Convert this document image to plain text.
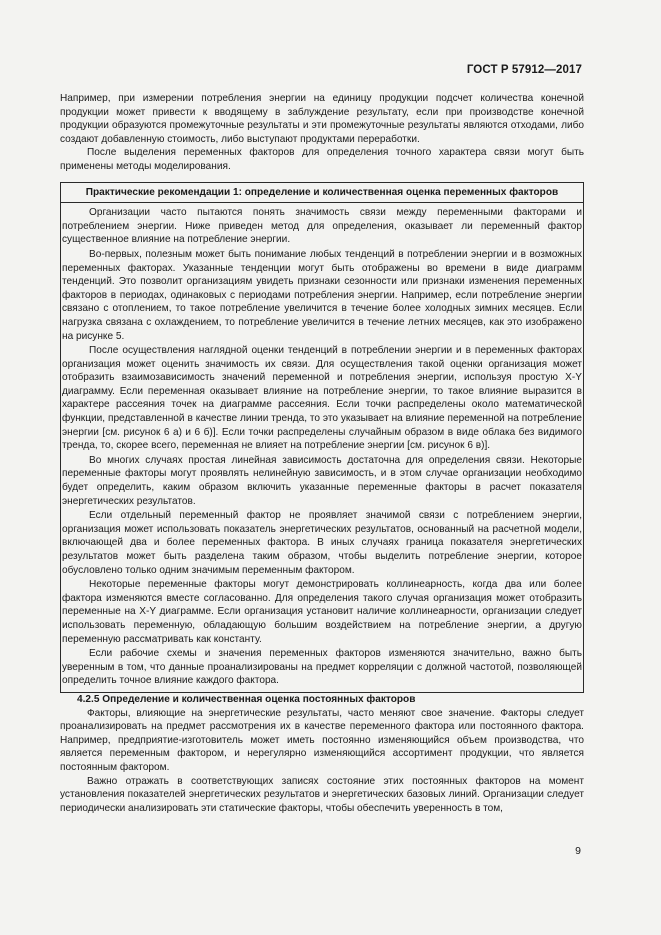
ГОСТ Р 57912—2017

Например, при измерении потребления энергии на единицу продукции подсчет количества конечной продукции может привести к вводящему в заблуждение результату, если при производстве конечной продукции образуются промежуточные результаты и эти промежуточные результаты являются отходами, либо создают добавленную стоимость, либо выступают продуктами переработки.

После выделения переменных факторов для определения точного характера связи могут быть применены методы моделирования.

Практические рекомендации 1: определение и количественная оценка переменных факторов

Организации часто пытаются понять значимость связи между переменными факторами и потреблением энергии. Ниже приведен метод для определения, оказывает ли переменный фактор существенное влияние на потребление энергии.

Во-первых, полезным может быть понимание любых тенденций в потреблении энергии и в возможных переменных факторах. Указанные тенденции могут быть отображены во времени в виде диаграмм тенденций. Это позволит организациям увидеть признаки сезонности или признаки изменения переменных факторов в периодах, одинаковых с периодами потребления энергии. Например, если потребление энергии связано с отоплением, то такое потребление увеличится в течение более холодных зимних месяцев. Если нагрузка связана с охлаждением, то потребление увеличится в течение летних месяцев, как это изображено на рисунке 5.

После осуществления наглядной оценки тенденций в потреблении энергии и в переменных факторах организация может оценить значимость их связи. Для осуществления такой оценки организация может отобразить взаимозависимость значений переменной и потребления энергии, используя простую X-Y диаграмму. Если переменная оказывает влияние на потребление энергии, то такое влияние выразится в характере рассеяния точек на диаграмме рассеяния. Если точки распределены около математической функции, представленной в качестве линии тренда, то это указывает на влияние переменной на потребление энергии [см. рисунок 6 а) и 6 б)]. Если точки распределены случайным образом в виде облака без видимого тренда, то, скорее всего, переменная не влияет на потребление энергии [см. рисунок 6 в)].

Во многих случаях простая линейная зависимость достаточна для определения связи. Некоторые переменные факторы могут проявлять нелинейную зависимость, и в этом случае организации необходимо будет определить, каким образом включить указанные переменные факторы в расчет показателя энергетических результатов.

Если отдельный переменный фактор не проявляет значимой связи с потреблением энергии, организация может использовать показатель энергетических результатов, основанный на расчетной модели, включающей два и более переменных фактора. В иных случаях граница показателя энергетических результатов может быть разделена таким образом, чтобы выделить потребление энергии, которое обусловлено только одним значимым переменным фактором.

Некоторые переменные факторы могут демонстрировать коллинеарность, когда два или более фактора изменяются вместе согласованно. Для определения такого случая организация может отобразить переменные на X-Y диаграмме. Если организация установит наличие коллинеарности, организации следует использовать переменную, обладающую большим воздействием на потребление энергии, а другую переменную рассматривать как константу.

Если рабочие схемы и значения переменных факторов изменяются значительно, важно быть уверенным в том, что данные проанализированы на предмет корреляции с должной частотой, позволяющей определить точное влияние каждого фактора.

4.2.5 Определение и количественная оценка постоянных факторов

Факторы, влияющие на энергетические результаты, часто меняют свое значение. Факторы следует проанализировать на предмет рассмотрения их в качестве переменного фактора или постоянного фактора. Например, предприятие-изготовитель может иметь постоянно изменяющийся объем производства, что является переменным фактором, и нерегулярно изменяющийся ассортимент продукции, что является постоянным фактором.

Важно отражать в соответствующих записях состояние этих постоянных факторов на момент установления показателей энергетических результатов и энергетических базовых линий. Организации следует периодически анализировать эти статические факторы, чтобы обеспечить уверенность в том,

9
